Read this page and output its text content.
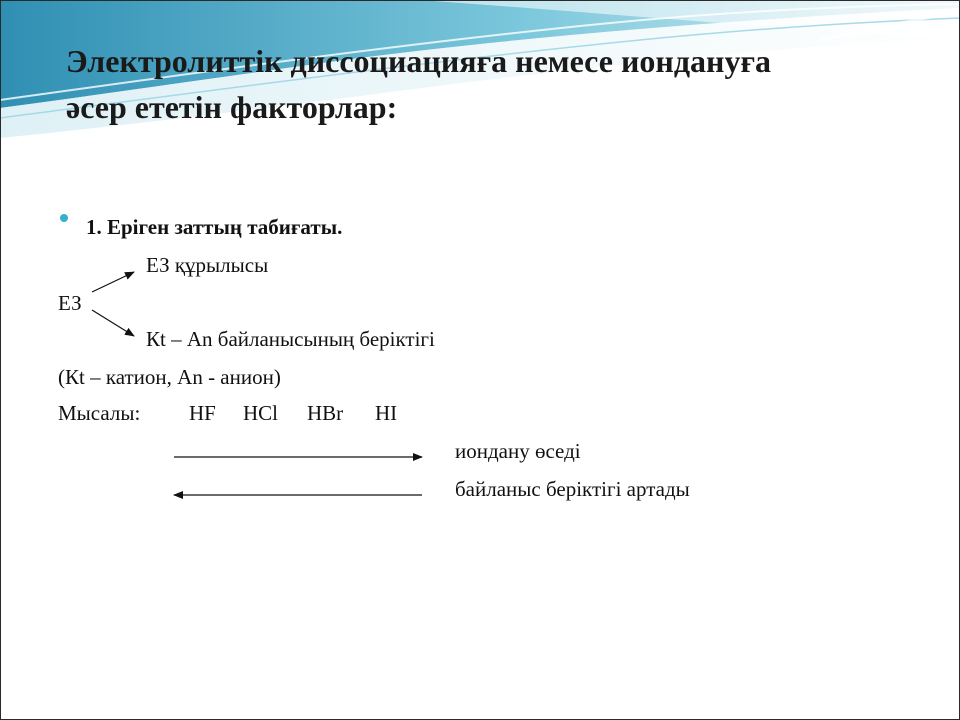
Электролиттік диссоциацияға немесе иондануға
әсер ететін факторлар:
1. Еріген заттың табиғаты.
ЕЗ құрылысы
ЕЗ
Кt – Аn байланысының беріктігі
(Кt – катион, Аn - анион)
Мысалы: HF HCl HBr HI
иондану өседі
байланыс беріктігі артады
